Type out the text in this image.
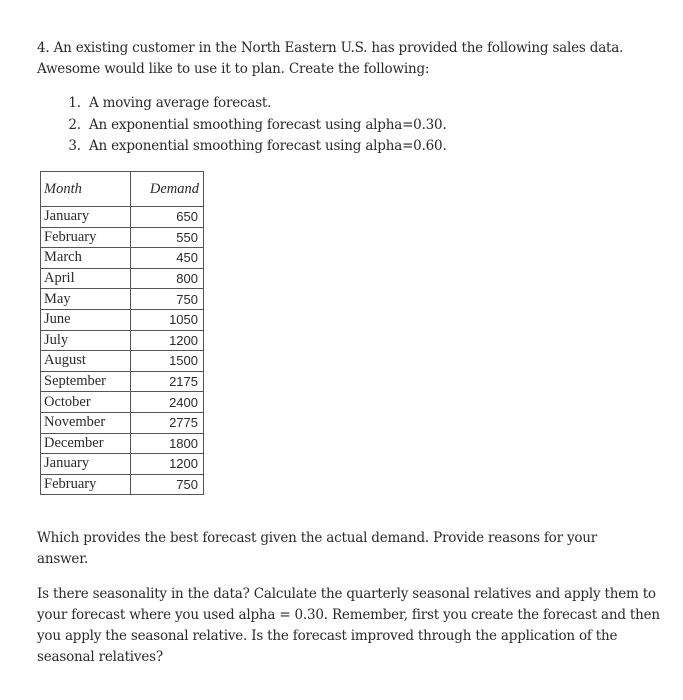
4. An existing customer in the North Eastern U.S. has provided the following sales data.

Awesome would like to use it to plan. Create the following:

1. A moving average forecast.
2. An exponential smoothing forecast using alpha=0.30.
3. An exponential smoothing forecast using alpha=0.60.
Month	Demand
January	650
February	550
March	450
April	800
May	750
June	1050
July	1200
August	1500
September	2175
October	2400
November	2775
December	1800
January	1200
February	750

Which provides the best forecast given the actual demand. Provide reasons for your answer.

Is there seasonality in the data? Calculate the quarterly seasonal relatives and apply them to your forecast where you used alpha = 0.30. Remember, first you create the forecast and then you apply the seasonal relative. Is the forecast improved through the application of the seasonal relatives?
